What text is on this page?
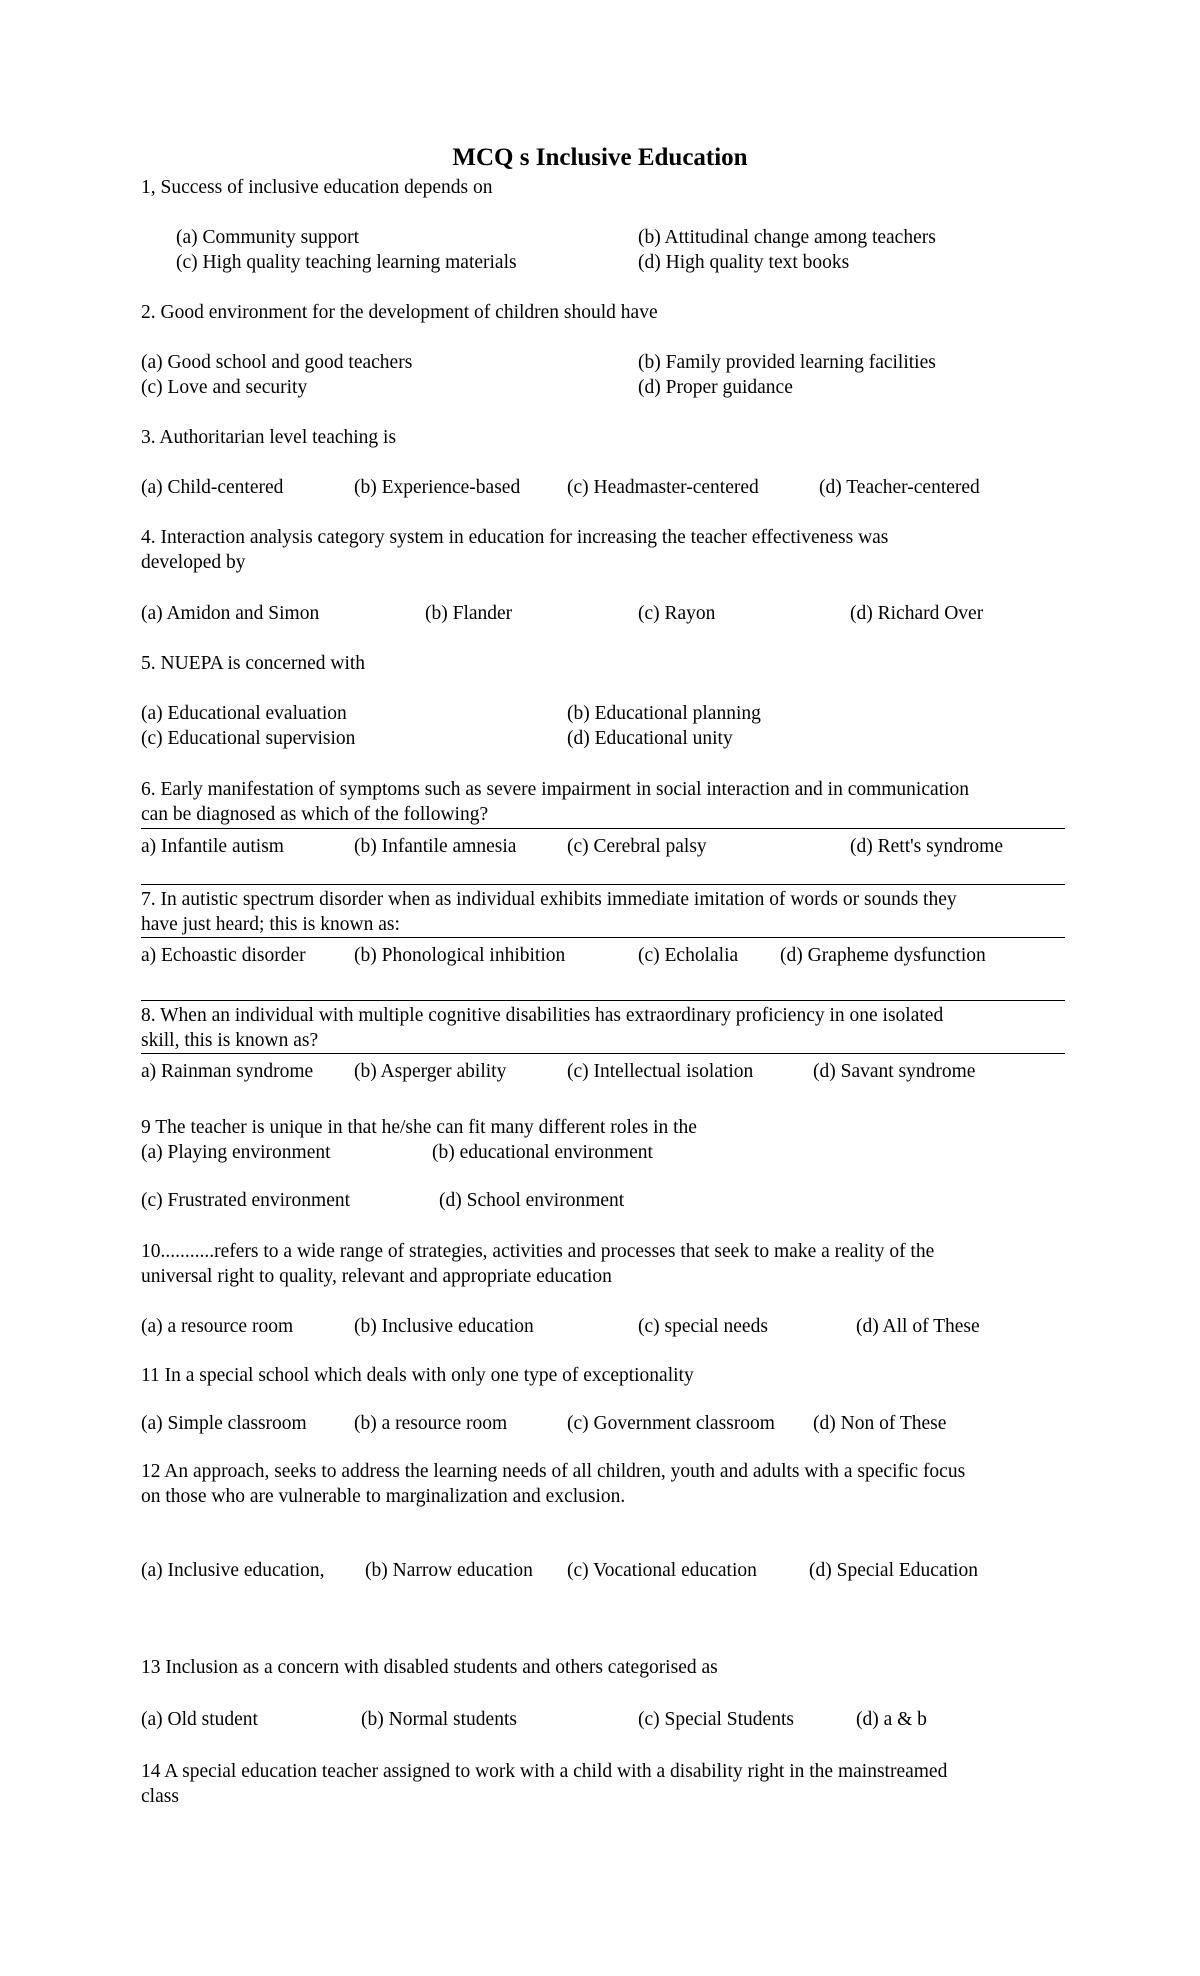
MCQ s Inclusive Education
1, Success of inclusive education depends on
(a) Community support	(b) Attitudinal change among teachers
(c) High quality teaching learning materials	(d) High quality text books
2. Good environment for the development of children should have
(a) Good school and good teachers	(b) Family provided learning facilities
(c) Love and security	(d) Proper guidance
3. Authoritarian level teaching is
(a) Child-centered	(b) Experience-based (c) Headmaster-centered	(d) Teacher-centered
4. Interaction analysis category system in education for increasing the teacher effectiveness was
developed by
(a) Amidon and Simon	(b) Flander	(c) Rayon	(d) Richard Over
5. NUEPA is concerned with
(a) Educational evaluation	(b) Educational planning
(c) Educational supervision	(d) Educational unity
6. Early manifestation of symptoms such as severe impairment in social interaction and in communication
can be diagnosed as which of the following?
a) Infantile autism	(b) Infantile amnesia	(c) Cerebral palsy	(d) Rett's syndrome
7. In autistic spectrum disorder when as individual exhibits immediate imitation of words or sounds they
have just heard; this is known as:
a) Echoastic disorder (b) Phonological inhibition	(c) Echolalia (d) Grapheme dysfunction
8. When an individual with multiple cognitive disabilities has extraordinary proficiency in one isolated
skill, this is known as?
a) Rainman syndrome (b) Asperger ability	(c) Intellectual isolation	(d) Savant syndrome
9 The teacher is unique in that he/she can fit many different roles in the
(a) Playing environment	(b) educational environment
(c) Frustrated environment	(d) School environment
10...........refers to a wide range of strategies, activities and processes that seek to make a reality of the
universal right to quality, relevant and appropriate education
(a) a resource room	(b) Inclusive education	(c) special needs	(d) All of These
11 In a special school which deals with only one type of exceptionality
(a) Simple classroom (b) a resource room	(c) Government classroom (d) Non of These
12 An approach, seeks to address the learning needs of all children, youth and adults with a specific focus
on those who are vulnerable to marginalization and exclusion.
(a) Inclusive education, (b) Narrow education (c) Vocational education	(d) Special Education
13 Inclusion as a concern with disabled students and others categorised as
(a) Old student	(b) Normal students	(c) Special Students	(d) a & b
14 A special education teacher assigned to work with a child with a disability right in the mainstreamed
class
